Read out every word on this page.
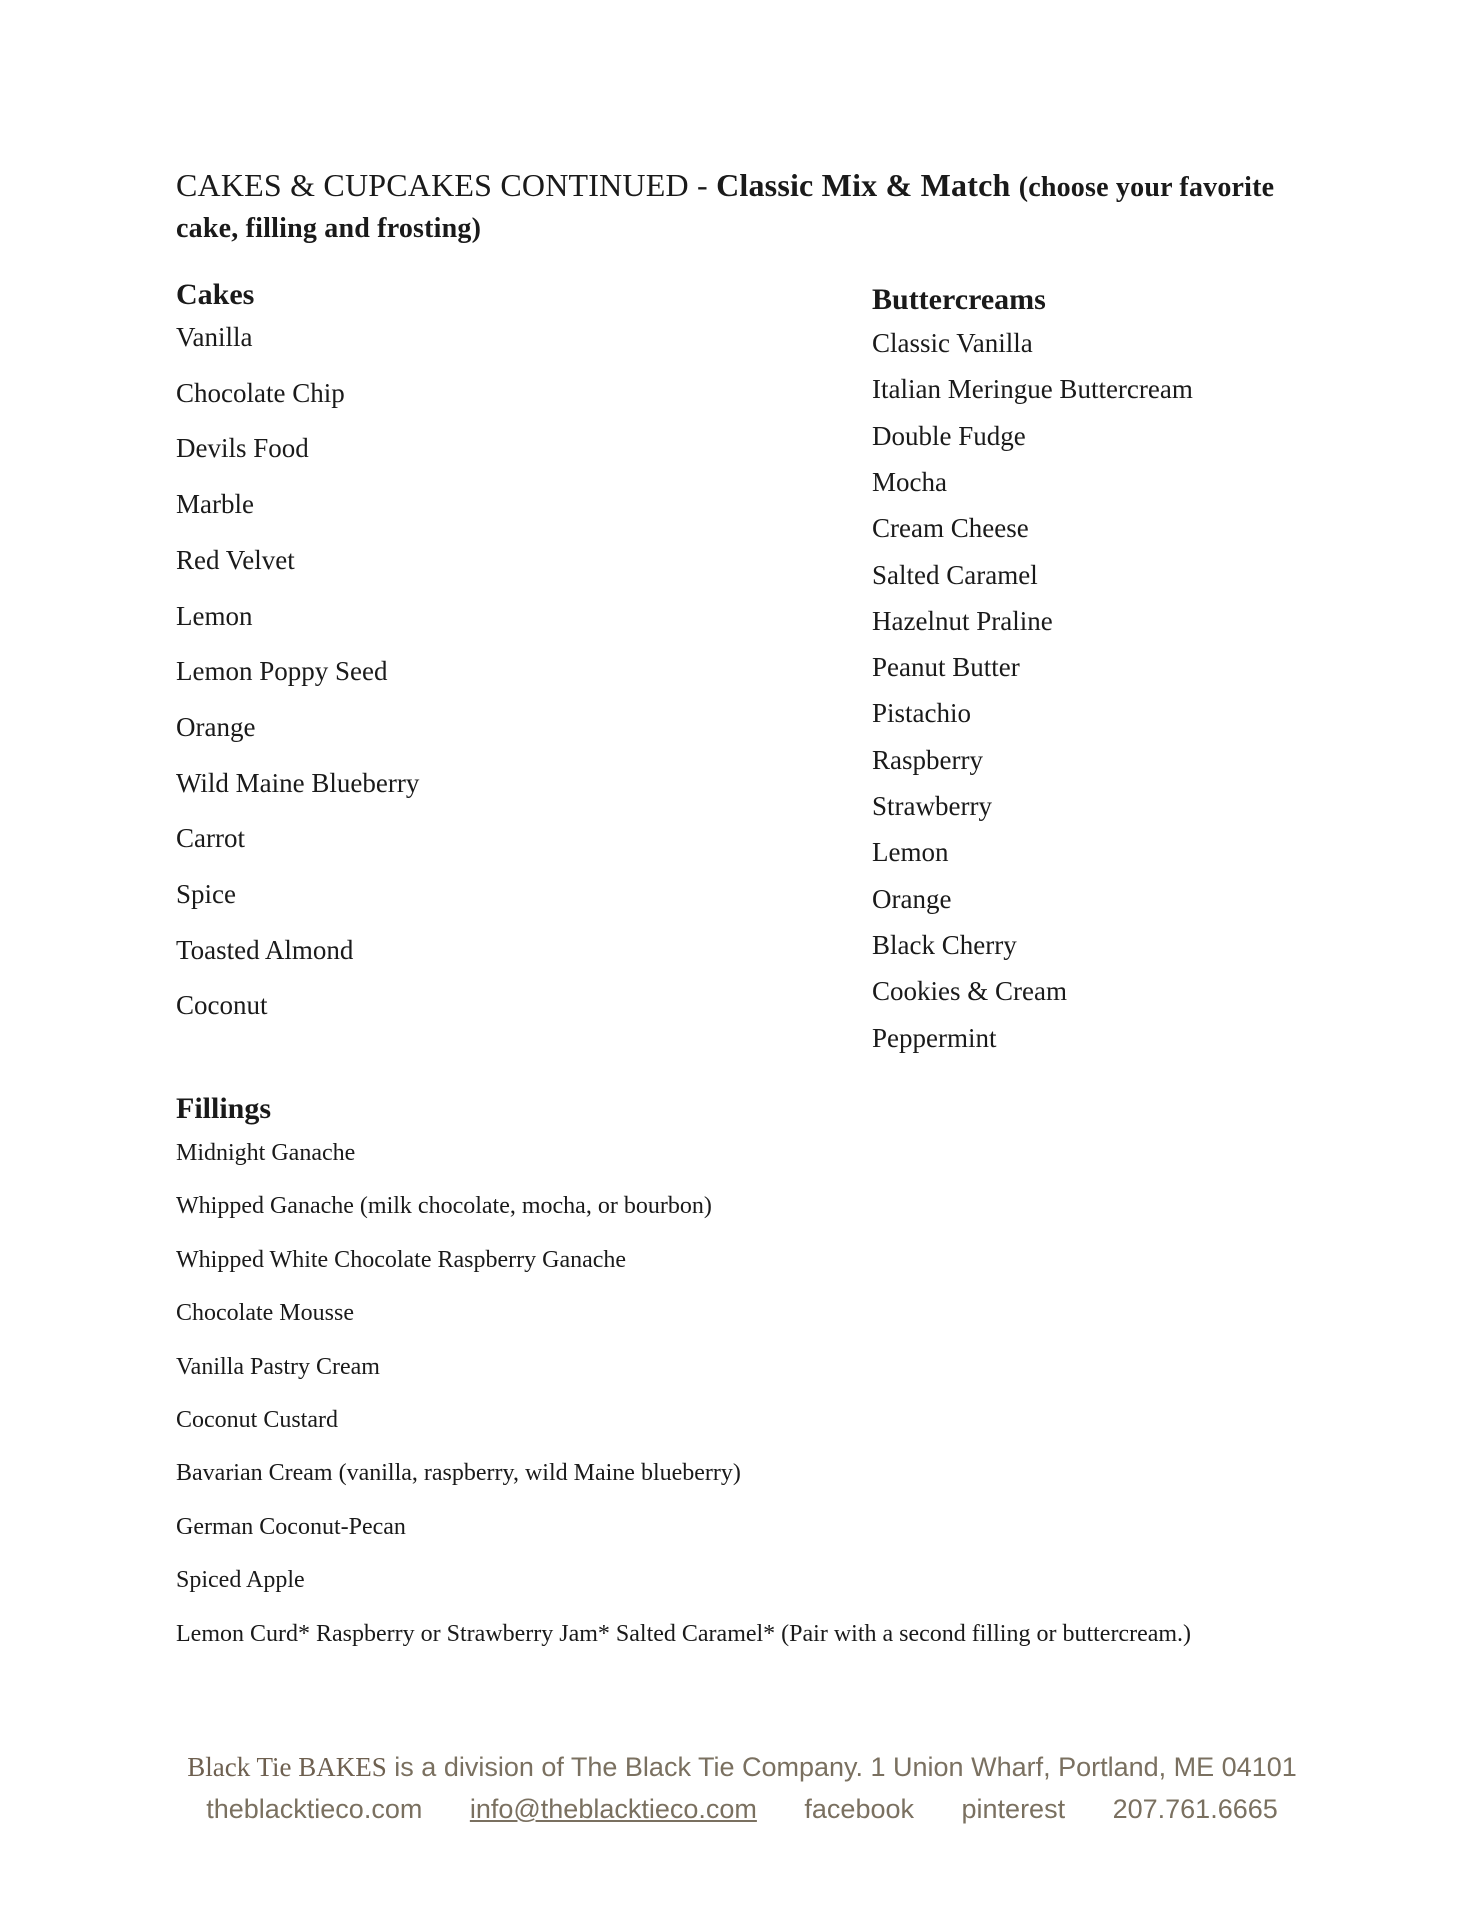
CAKES & CUPCAKES CONTINUED - Classic Mix & Match (choose your favorite cake, filling and frosting)
Cakes
Vanilla
Chocolate Chip
Devils Food
Marble
Red Velvet
Lemon
Lemon Poppy Seed
Orange
Wild Maine Blueberry
Carrot
Spice
Toasted Almond
Coconut
Buttercreams
Classic Vanilla
Italian Meringue Buttercream
Double Fudge
Mocha
Cream Cheese
Salted Caramel
Hazelnut Praline
Peanut Butter
Pistachio
Raspberry
Strawberry
Lemon
Orange
Black Cherry
Cookies & Cream
Peppermint
Fillings
Midnight Ganache
Whipped Ganache (milk chocolate, mocha, or bourbon)
Whipped White Chocolate Raspberry Ganache
Chocolate Mousse
Vanilla Pastry Cream
Coconut Custard
Bavarian Cream (vanilla, raspberry, wild Maine blueberry)
German Coconut-Pecan
Spiced Apple
Lemon Curd* Raspberry or Strawberry Jam* Salted Caramel* (Pair with a second filling or buttercream.)
Black Tie BAKES is a division of The Black Tie Company. 1 Union Wharf, Portland, ME 04101
theblacktieco.com info@theblacktieco.com facebook pinterest 207.761.6665
